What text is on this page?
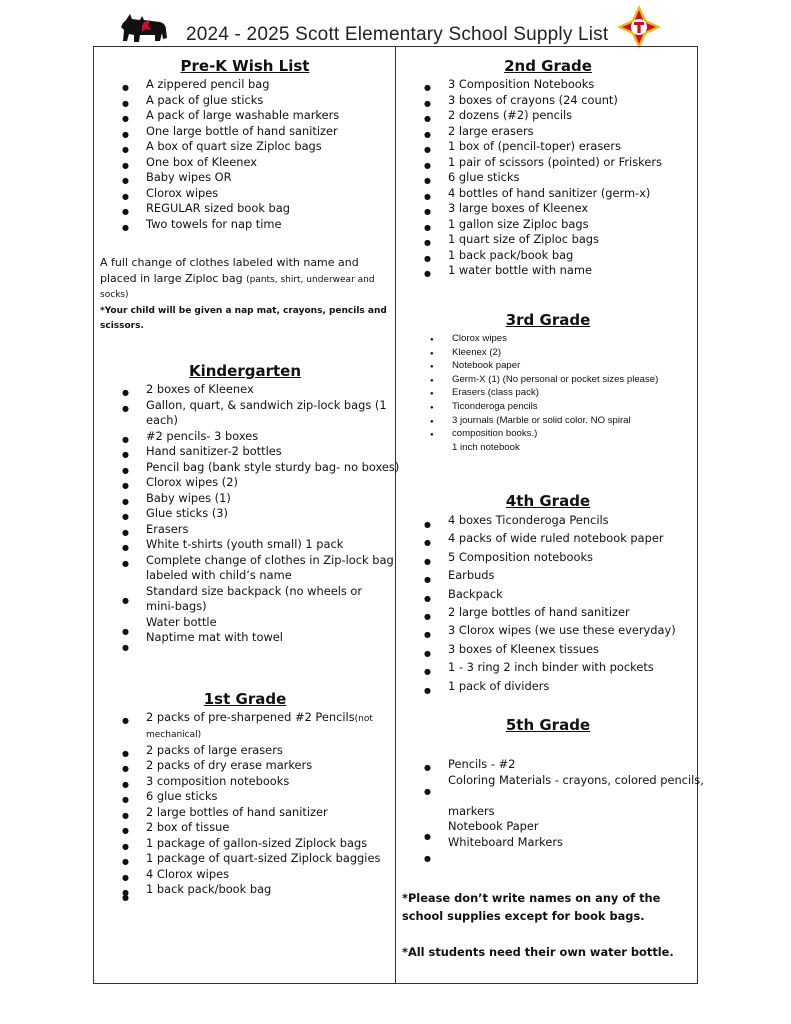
2024 - 2025 Scott Elementary School Supply List
Pre-K Wish List
● A zippered pencil bag
● A pack of glue sticks
● A pack of large washable markers
● One large bottle of hand sanitizer
● A box of quart size Ziploc bags
● One box of Kleenex
● Baby wipes OR
● Clorox wipes
● REGULAR sized book bag
● Two towels for nap time
A full change of clothes labeled with name and
placed in large Ziploc bag (pants, shirt, underwear and
socks)
*Your child will be given a nap mat, crayons, pencils and
scissors.
Kindergarten
● 2 boxes of Kleenex
● Gallon, quart, & sandwich zip-lock bags (1
each)
● #2 pencils- 3 boxes
● Hand sanitizer-2 bottles
● Pencil bag (bank style sturdy bag- no boxes)
● Clorox wipes (2)
● Baby wipes (1)
● Glue sticks (3)
● Erasers
● White t-shirts (youth small) 1 pack
● Complete change of clothes in Zip-lock bag
labeled with child’s name
Standard size backpack (no wheels or
mini-bags)
Water bottle
Naptime mat with towel
●
●
●
1st Grade
● 2 packs of pre-sharpened #2 Pencils(not
mechanical)
● 2 packs of large erasers
● 2 packs of dry erase markers
● 3 composition notebooks
● 6 glue sticks
● 2 large bottles of hand sanitizer
● 2 box of tissue
● 1 package of gallon-sized Ziplock bags
● 1 package of quart-sized Ziplock baggies
● 4 Clorox wipes
● 1 back pack/book bag
●
2nd Grade
● 3 Composition Notebooks
● 3 boxes of crayons (24 count)
● 2 dozens (#2) pencils
● 2 large erasers
● 1 box of (pencil-toper) erasers
● 1 pair of scissors (pointed) or Friskers
● 6 glue sticks
● 4 bottles of hand sanitizer (germ-x)
● 3 large boxes of Kleenex
● 1 gallon size Ziploc bags
● 1 quart size of Ziploc bags
● 1 back pack/book bag
● 1 water bottle with name
3rd Grade
● Clorox wipes
● Kleenex (2)
● Notebook paper
● Germ-X (1) (No personal or pocket sizes please)
● Erasers (class pack)
● Ticonderoga pencils
● 3 journals (Marble or solid color. NO spiral
● composition books.)
1 inch notebook
4th Grade
● 4 boxes Ticonderoga Pencils
● 4 packs of wide ruled notebook paper
● 5 Composition notebooks
● Earbuds
● Backpack
● 2 large bottles of hand sanitizer
● 3 Clorox wipes (we use these everyday)
● 3 boxes of Kleenex tissues
● 1 - 3 ring 2 inch binder with pockets
● 1 pack of dividers
5th Grade
● Pencils - #2
Coloring Materials - crayons, colored pencils,
markers
Notebook Paper
Whiteboard Markers
●
●
●
*Please don’t write names on any of the
school supplies except for book bags.
*All students need their own water bottle.
